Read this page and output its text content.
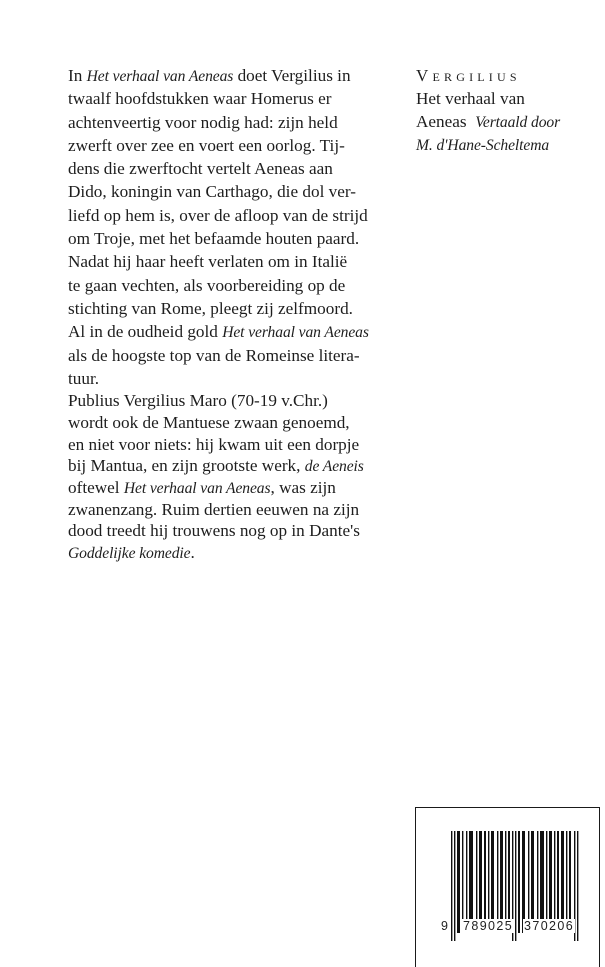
In Het verhaal van Aeneas doet Vergilius in
twaalf hoofdstukken waar Homerus er
achtenveertig voor nodig had: zijn held
zwerft over zee en voert een oorlog. Tij-
dens die zwerftocht vertelt Aeneas aan
Dido, koningin van Carthago, die dol ver-
liefd op hem is, over de afloop van de strijd
om Troje, met het befaamde houten paard.
Nadat hij haar heeft verlaten om in Italië
te gaan vechten, als voorbereiding op de
stichting van Rome, pleegt zij zelfmoord.
Al in de oudheid gold Het verhaal van Aeneas
als de hoogste top van de Romeinse litera-
tuur.

Publius Vergilius Maro (70-19 v.Chr.)
wordt ook de Mantuese zwaan genoemd,
en niet voor niets: hij kwam uit een dorpje
bij Mantua, en zijn grootste werk, de Aeneis
oftewel Het verhaal van Aeneas, was zijn
zwanenzang. Ruim dertien eeuwen na zijn
dood treedt hij trouwens nog op in Dante's
Goddelijke komedie.

Vergilius
Het verhaal van
Aeneas Vertaald door
M. d'Hane-Scheltema
9 789025 370206
